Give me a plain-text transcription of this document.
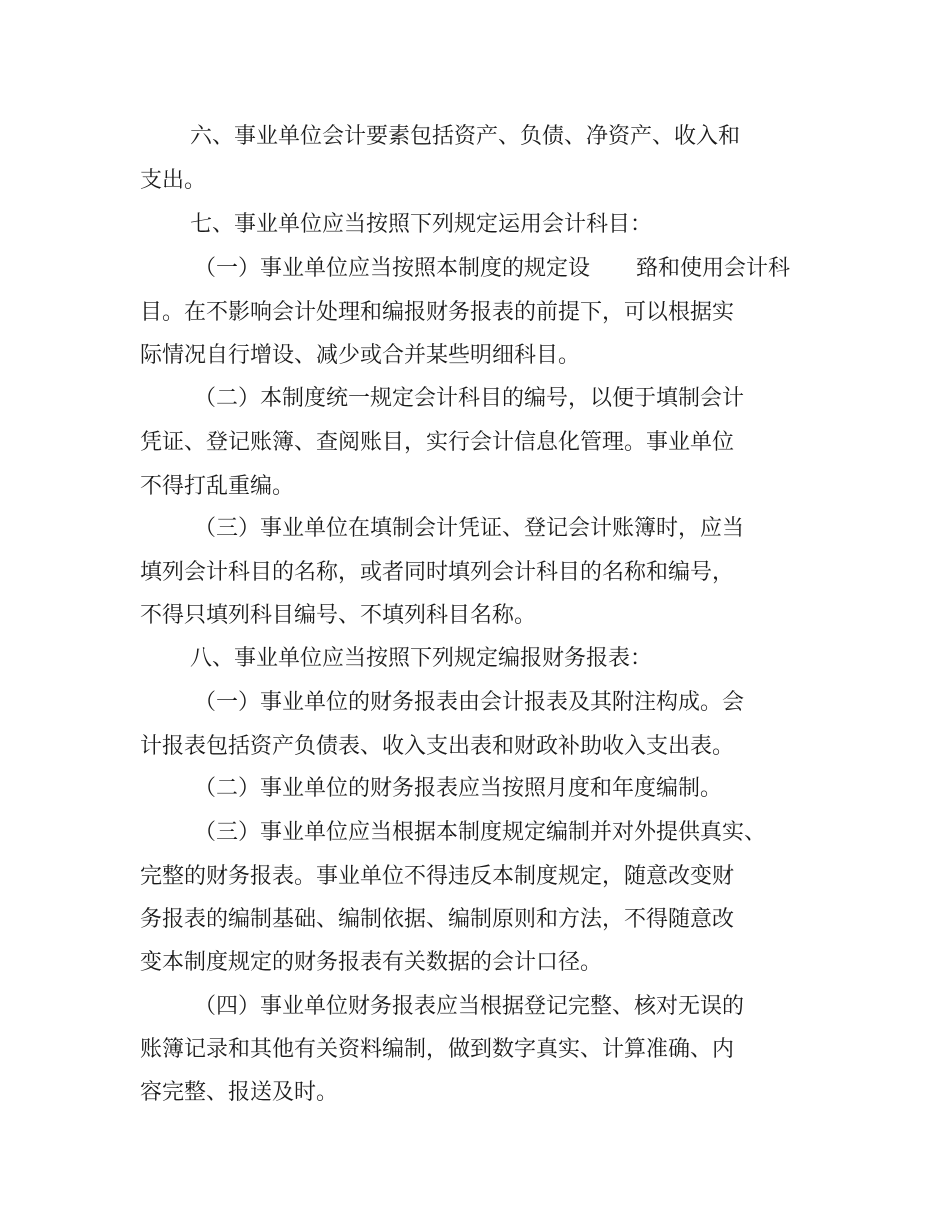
六、事业单位会计要素包括资产、负债、净资产、收入和

支出。

七、事业单位应当按照下列规定运用会计科目：

（一）事业单位应当按照本制度的规定设 臵和使用会计科

目。在不影响会计处理和编报财务报表的前提下，可以根据实

际情况自行增设、减少或合并某些明细科目。

（二）本制度统一规定会计科目的编号，以便于填制会计

凭证、登记账簿、查阅账目，实行会计信息化管理。事业单位

不得打乱重编。

（三）事业单位在填制会计凭证、登记会计账簿时，应当

填列会计科目的名称，或者同时填列会计科目的名称和编号，

不得只填列科目编号、不填列科目名称。

八、事业单位应当按照下列规定编报财务报表：

（一）事业单位的财务报表由会计报表及其附注构成。会

计报表包括资产负债表、收入支出表和财政补助收入支出表。

（二）事业单位的财务报表应当按照月度和年度编制。

（三）事业单位应当根据本制度规定编制并对外提供真实、

完整的财务报表。事业单位不得违反本制度规定，随意改变财

务报表的编制基础、编制依据、编制原则和方法，不得随意改

变本制度规定的财务报表有关数据的会计口径。

（四）事业单位财务报表应当根据登记完整、核对无误的

账簿记录和其他有关资料编制，做到数字真实、计算准确、内

容完整、报送及时。
